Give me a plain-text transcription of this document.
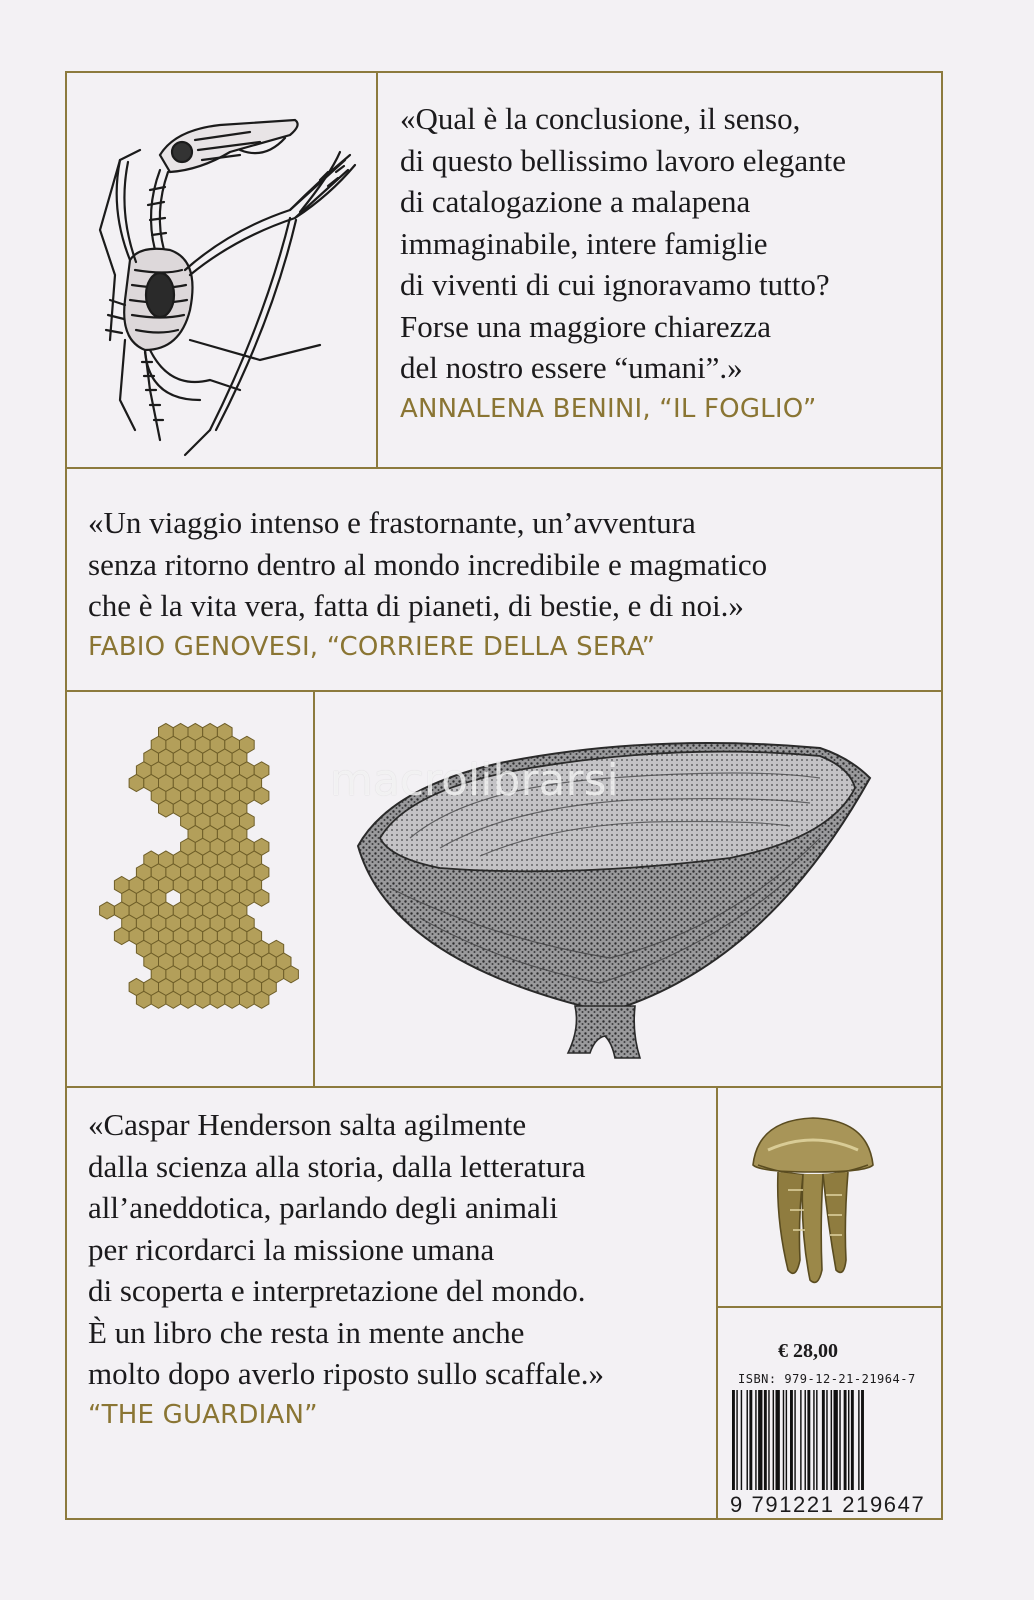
«Qual è la conclusione, il senso,
di questo bellissimo lavoro elegante
di catalogazione a malapena
immaginabile, intere famiglie
di viventi di cui ignoravamo tutto?
Forse una maggiore chiarezza
del nostro essere “umani”.»
ANNALENA BENINI, “IL FOGLIO”
«Un viaggio intenso e frastornante, un’avventura
senza ritorno dentro al mondo incredibile e magmatico
che è la vita vera, fatta di pianeti, di bestie, e di noi.»
FABIO GENOVESI, “CORRIERE DELLA SERA”
macrolibrarsi
«Caspar Henderson salta agilmente
dalla scienza alla storia, dalla letteratura
all’aneddotica, parlando degli animali
per ricordarci la missione umana
di scoperta e interpretazione del mondo.
È un libro che resta in mente anche
molto dopo averlo riposto sullo scaffale.»
“THE GUARDIAN”
€ 28,00
ISBN: 979-12-21-21964-7
9 791221 219647
